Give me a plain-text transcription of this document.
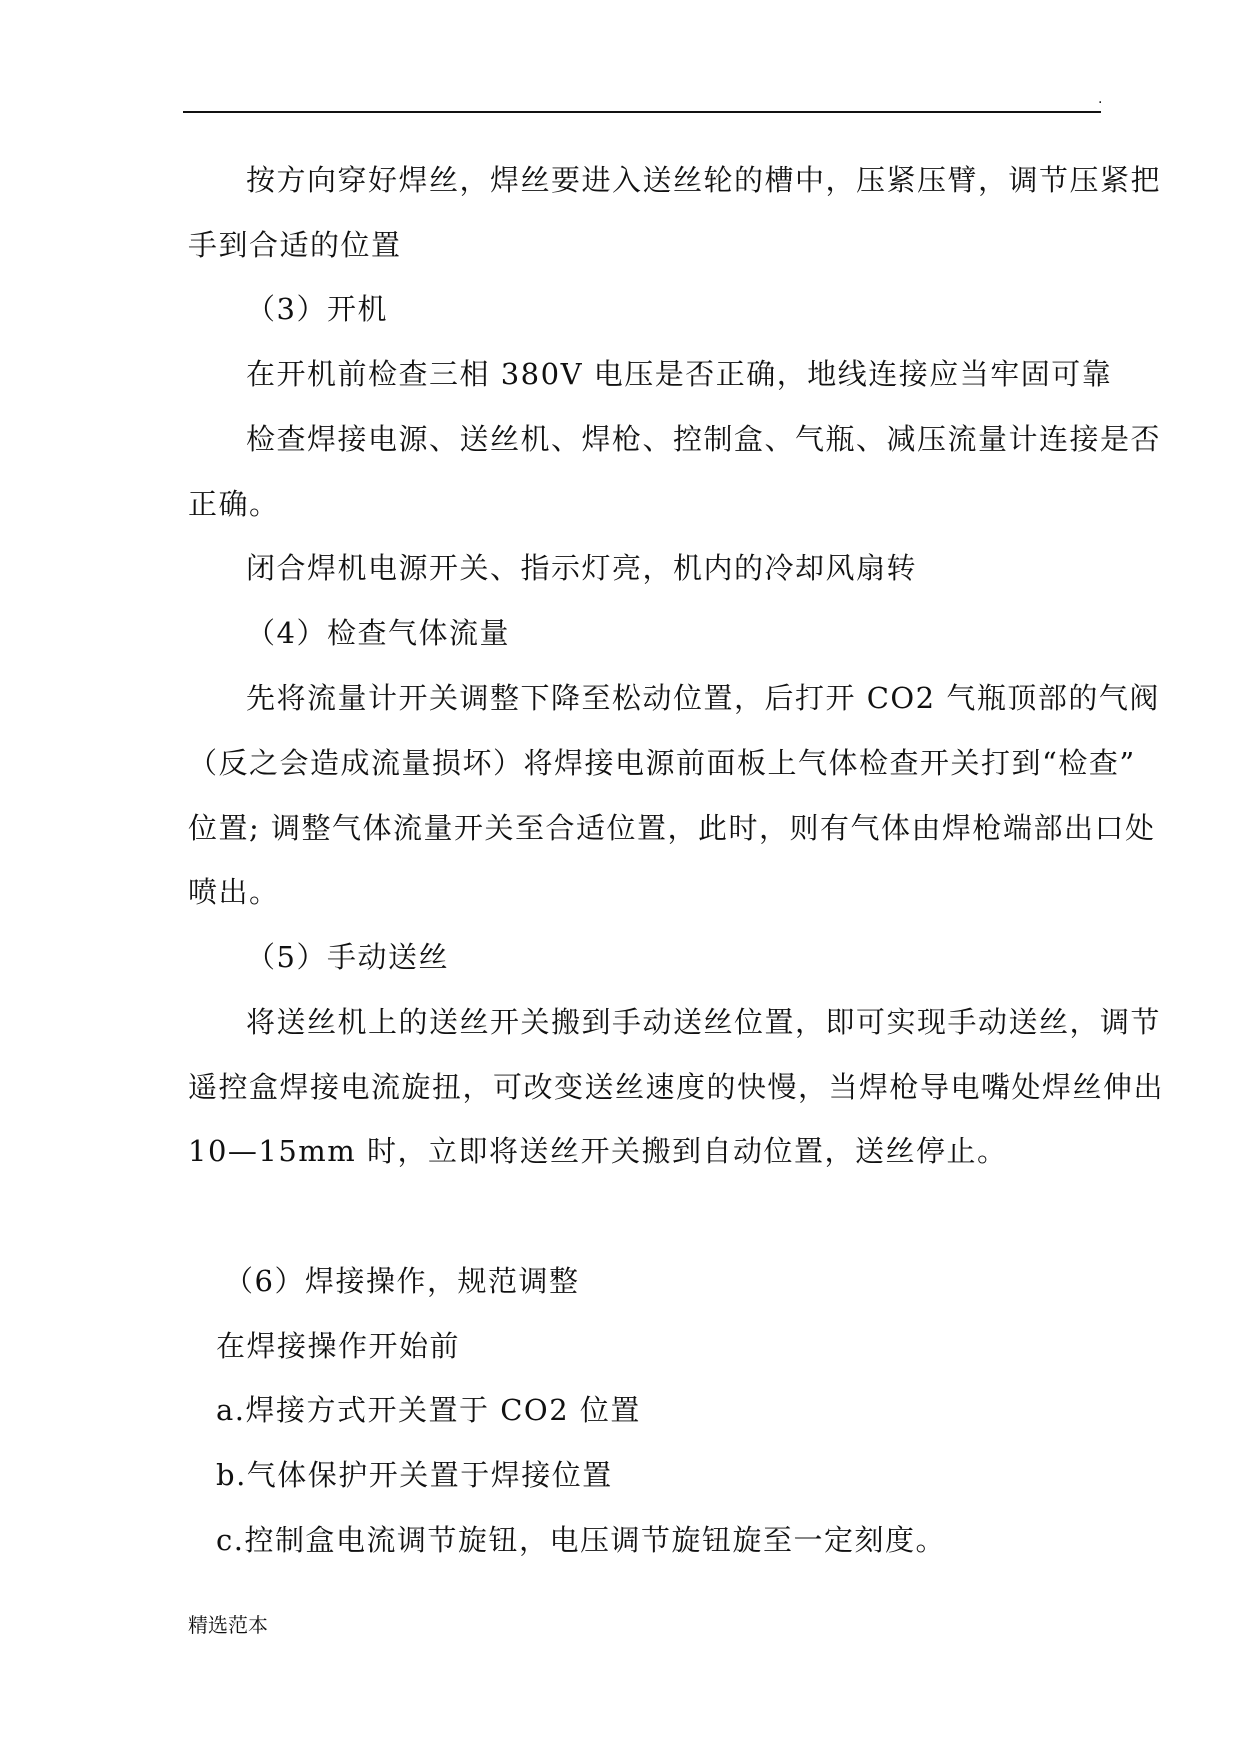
.
按方向穿好焊丝，焊丝要进入送丝轮的槽中，压紧压臂，调节压紧把
手到合适的位置
（3）开机
在开机前检查三相 380V 电压是否正确，地线连接应当牢固可靠
检查焊接电源、送丝机、焊枪、控制盒、气瓶、减压流量计连接是否
正确。
闭合焊机电源开关、指示灯亮，机内的冷却风扇转
（4）检查气体流量
先将流量计开关调整下降至松动位置，后打开 CO2 气瓶顶部的气阀
（反之会造成流量损坏）将焊接电源前面板上气体检查开关打到“检查”
位置; 调整气体流量开关至合适位置，此时，则有气体由焊枪端部出口处
喷出。
（5）手动送丝
将送丝机上的送丝开关搬到手动送丝位置，即可实现手动送丝，调节
遥控盒焊接电流旋扭，可改变送丝速度的快慢，当焊枪导电嘴处焊丝伸出
10—15mm 时，立即将送丝开关搬到自动位置，送丝停止。
（6）焊接操作，规范调整
在焊接操作开始前
a.焊接方式开关置于 CO2 位置
b.气体保护开关置于焊接位置
c.控制盒电流调节旋钮，电压调节旋钮旋至一定刻度。
精选范本
